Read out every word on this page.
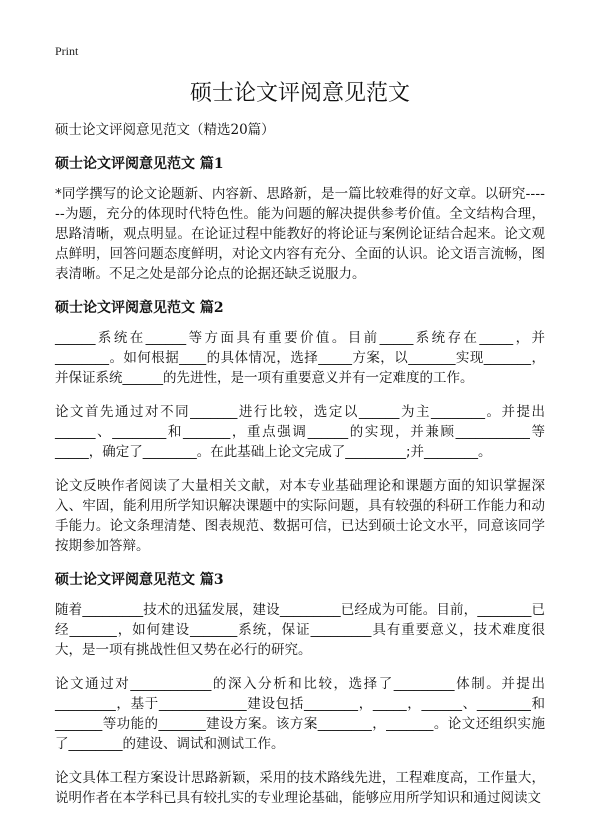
Print
硕士论文评阅意见范文
硕士论文评阅意见范文（精选20篇）
硕士论文评阅意见范文 篇1

*同学撰写的论文论题新、内容新、思路新，是一篇比较难得的好文章。以研究------为题，充分的体现时代特色性。能为问题的解决提供参考价值。全文结构合理，思路清晰，观点明显。在论证过程中能教好的将论证与案例论证结合起来。论文观点鲜明，回答问题态度鲜明，对论文内容有充分、全面的认识。论文语言流畅，图表清晰。不足之处是部分论点的论据还缺乏说服力。

硕士论文评阅意见范文 篇2

______系统在______等方面具有重要价值。目前_____系统存在_____，并________。如何根据____的具体情况，选择_____方案，以_______实现_______，并保证系统______的先进性，是一项有重要意义并有一定难度的工作。

论文首先通过对不同_______进行比较，选定以______为主________。并提出______、________和_______，重点强调______的实现，并兼顾___________等_____，确定了________。在此基础上论文完成了_________;并________。

论文反映作者阅读了大量相关文献，对本专业基础理论和课题方面的知识掌握深入、牢固，能利用所学知识解决课题中的实际问题，具有较强的科研工作能力和动手能力。论文条理清楚、图表规范、数据可信，已达到硕士论文水平，同意该同学按期参加答辩。

硕士论文评阅意见范文 篇3

随着_________技术的迅猛发展，建设_________已经成为可能。目前，________已经_______，如何建设_______系统，保证_________具有重要意义，技术难度很大，是一项有挑战性但又势在必行的研究。

论文通过对____________的深入分析和比较，选择了_________体制。并提出_________，基于_____________建设包括________，_____，______、________和_______等功能的_______建设方案。该方案________，_______。论文还组织实施了________的建设、调试和测试工作。

论文具体工程方案设计思路新颖，采用的技术路线先进，工程难度高，工作量大，说明作者在本学科已具有较扎实的专业理论基础，能够应用所学知识和通过阅读文
